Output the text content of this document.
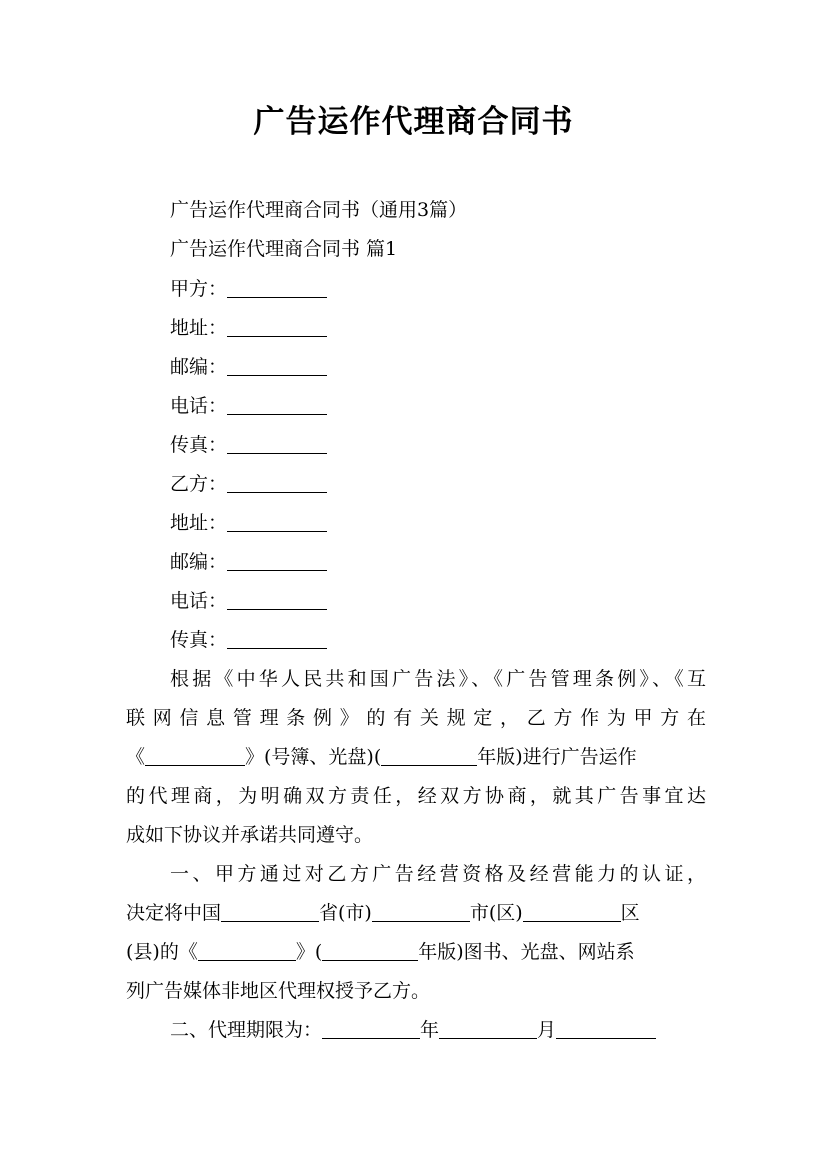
广告运作代理商合同书
广告运作代理商合同书（通用3篇）
广告运作代理商合同书 篇1
甲方：
地址：
邮编：
电话：
传真：
乙方：
地址：
邮编：
电话：
传真：
根据《中华人民共和国广告法》、《广告管理条例》、《互
联网信息管理条例》的有关规定，乙方作为甲方在
《	》(号簿、光盘)(	年版)进行广告运作
的代理商，为明确双方责任，经双方协商，就其广告事宜达
成如下协议并承诺共同遵守。
一、甲方通过对乙方广告经营资格及经营能力的认证，
决定将中国	省(市)	市(区)	区
(县)的《	》(	年版)图书、光盘、网站系
列广告媒体非地区代理权授予乙方。
二、代理期限为：	年	月
